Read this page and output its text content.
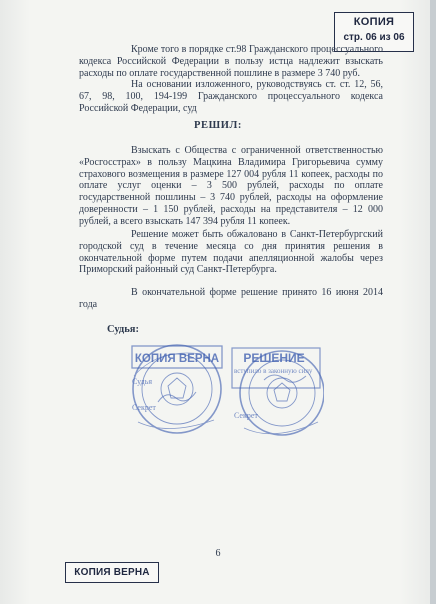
КОПИЯ
стр. 06 из 06

Кроме того в порядке ст.98 Гражданского процессуального кодекса Российской Федерации в пользу истца надлежит взыскать расходы по оплате государственной пошлине в размере 3 740 руб.

На основании изложенного, руководствуясь ст. ст. 12, 56, 67, 98, 100, 194-199 Гражданского процессуального кодекса Российской Федерации, суд

РЕШИЛ:

Взыскать с Общества с ограниченной ответственностью «Росгосстрах» в пользу Мацкина Владимира Григорьевича сумму страхового возмещения в размере 127 004 рубля 11 копеек, расходы по оплате услуг оценки – 3 500 рублей, расходы по оплате государственной пошлины – 3 740 рублей, расходы на оформление доверенности – 1 150 рублей, расходы на представителя – 12 000 рублей, а всего взыскать 147 394 рубля 11 копеек.

Решение может быть обжаловано в Санкт-Петербургский городской суд в течение месяца со дня принятия решения в окончательной форме путем подачи апелляционной жалобы через Приморский районный суд Санкт-Петербурга.

В окончательной форме решение принято 16 июня 2014 года

Судья:
КОПИЯ ВЕРНА
Судья
Секрет
РЕШЕНИЕ
вступило в законную силу
Секрет
6
КОПИЯ ВЕРНА
